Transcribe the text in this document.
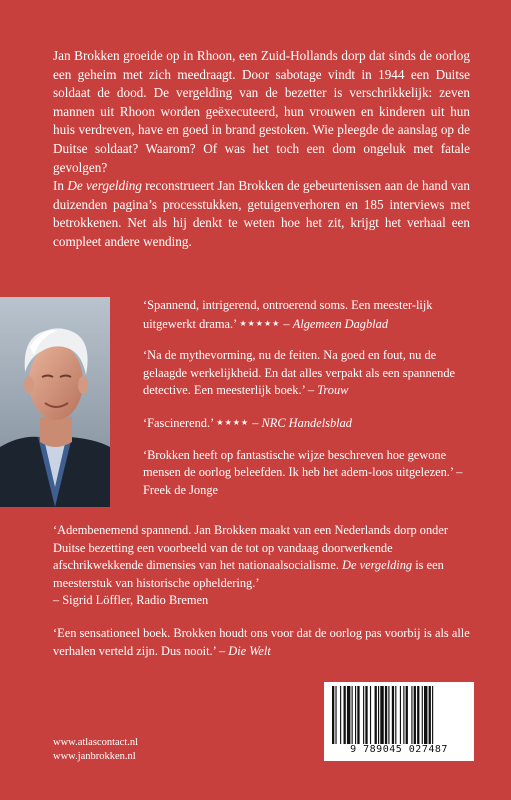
Jan Brokken groeide op in Rhoon, een Zuid-Hollands dorp dat sinds de oorlog een geheim met zich meedraagt. Door sabotage vindt in 1944 een Duitse soldaat de dood. De vergelding van de bezetter is verschrikkelijk: zeven mannen uit Rhoon worden geëxecuteerd, hun vrouwen en kinderen uit hun huis verdreven, have en goed in brand gestoken. Wie pleegde de aanslag op de Duitse soldaat? Waarom? Of was het toch een dom ongeluk met fatale gevolgen?

In De vergelding reconstrueert Jan Brokken de gebeurtenissen aan de hand van duizenden pagina’s processtukken, getuigenverhoren en 185 interviews met betrokkenen. Net als hij denkt te weten hoe het zit, krijgt het verhaal een compleet andere wending.

‘Spannend, intrigerend, ontroerend soms. Een meester-lijk uitgewerkt drama.’ ★★★★★ – Algemeen Dagblad

‘Na de mythevorming, nu de feiten. Na goed en fout, nu de gelaagde werkelijkheid. En dat alles verpakt als een spannende detective. Een meesterlijk boek.’ – Trouw

‘Fascinerend.’ ★★★★ – NRC Handelsblad

‘Brokken heeft op fantastische wijze beschreven hoe gewone mensen de oorlog beleefden. Ik heb het adem-loos uitgelezen.’ – Freek de Jonge

‘Adembenemend spannend. Jan Brokken maakt van een Nederlands dorp onder Duitse bezetting een voorbeeld van de tot op vandaag doorwerkende afschrikwekkende dimensies van het nationaalsocialisme. De vergelding is een meesterstuk van historische opheldering.’

– Sigrid Löffler, Radio Bremen

‘Een sensationeel boek. Brokken houdt ons voor dat de oorlog pas voorbij is als alle verhalen verteld zijn. Dus nooit.’ – Die Welt

www.atlascontact.nl
www.janbrokken.nl
9 789045 027487
